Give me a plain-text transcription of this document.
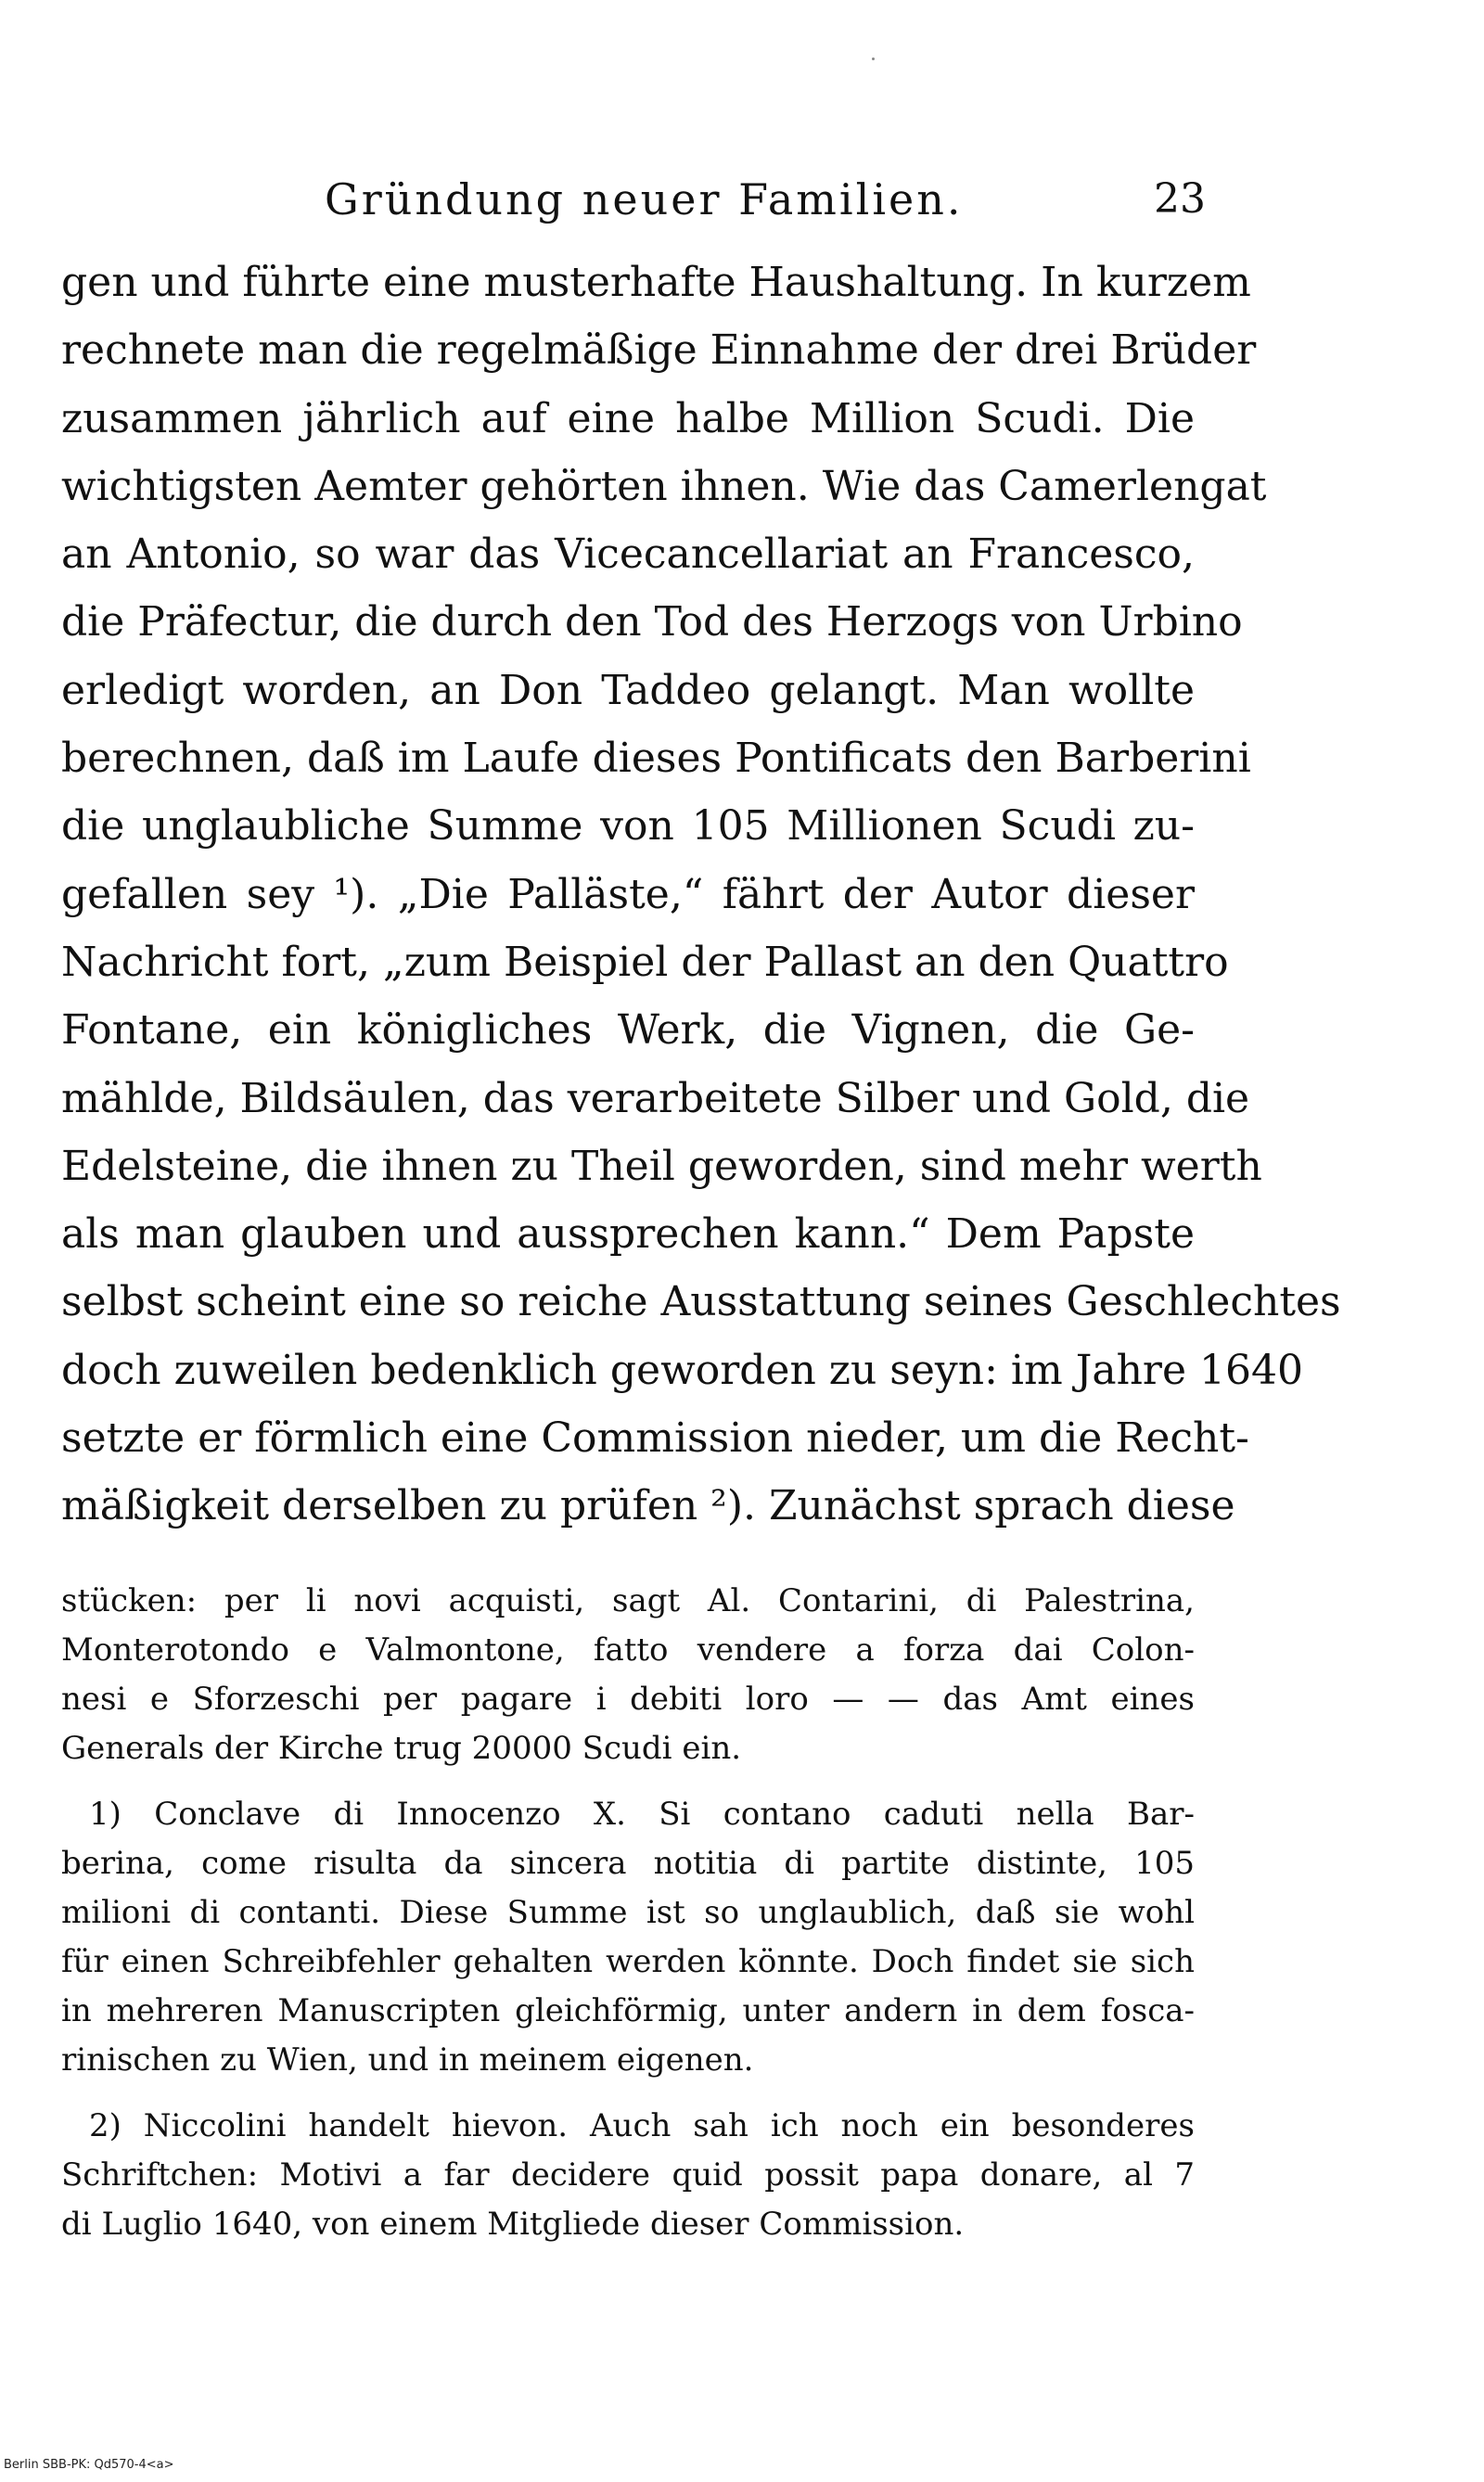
Gründung neuer Familien.	23
gen und führte eine musterhafte Haushaltung. In kurzem
rechnete man die regelmäßige Einnahme der drei Brüder
zusammen jährlich auf eine halbe Million Scudi. Die
wichtigsten Aemter gehörten ihnen. Wie das Camerlengat
an Antonio, so war das Vicecancellariat an Francesco,
die Präfectur, die durch den Tod des Herzogs von Urbino
erledigt worden, an Don Taddeo gelangt. Man wollte
berechnen, daß im Laufe dieses Pontificats den Barberini
die unglaubliche Summe von 105 Millionen Scudi zu-
gefallen sey ¹). „Die Palläste,“ fährt der Autor dieser
Nachricht fort, „zum Beispiel der Pallast an den Quattro
Fontane, ein königliches Werk, die Vignen, die Ge-
mählde, Bildsäulen, das verarbeitete Silber und Gold, die
Edelsteine, die ihnen zu Theil geworden, sind mehr werth
als man glauben und aussprechen kann.“ Dem Papste
selbst scheint eine so reiche Ausstattung seines Geschlechtes
doch zuweilen bedenklich geworden zu seyn: im Jahre 1640
setzte er förmlich eine Commission nieder, um die Recht-
mäßigkeit derselben zu prüfen ²). Zunächst sprach diese
stücken: per li novi acquisti, sagt Al. Contarini, di Palestrina,
Monterotondo e Valmontone, fatto vendere a forza dai Colon-
nesi e Sforzeschi per pagare i debiti loro — — das Amt eines
Generals der Kirche trug 20000 Scudi ein.
1) Conclave di Innocenzo X. Si contano caduti nella Bar-
berina, come risulta da sincera notitia di partite distinte, 105
milioni di contanti. Diese Summe ist so unglaublich, daß sie wohl
für einen Schreibfehler gehalten werden könnte. Doch findet sie sich
in mehreren Manuscripten gleichförmig, unter andern in dem fosca-
rinischen zu Wien, und in meinem eigenen.
2) Niccolini handelt hievon. Auch sah ich noch ein besonderes
Schriftchen: Motivi a far decidere quid possit papa donare, al 7
di Luglio 1640, von einem Mitgliede dieser Commission.
Berlin SBB-PK: Qd570-4<a>
